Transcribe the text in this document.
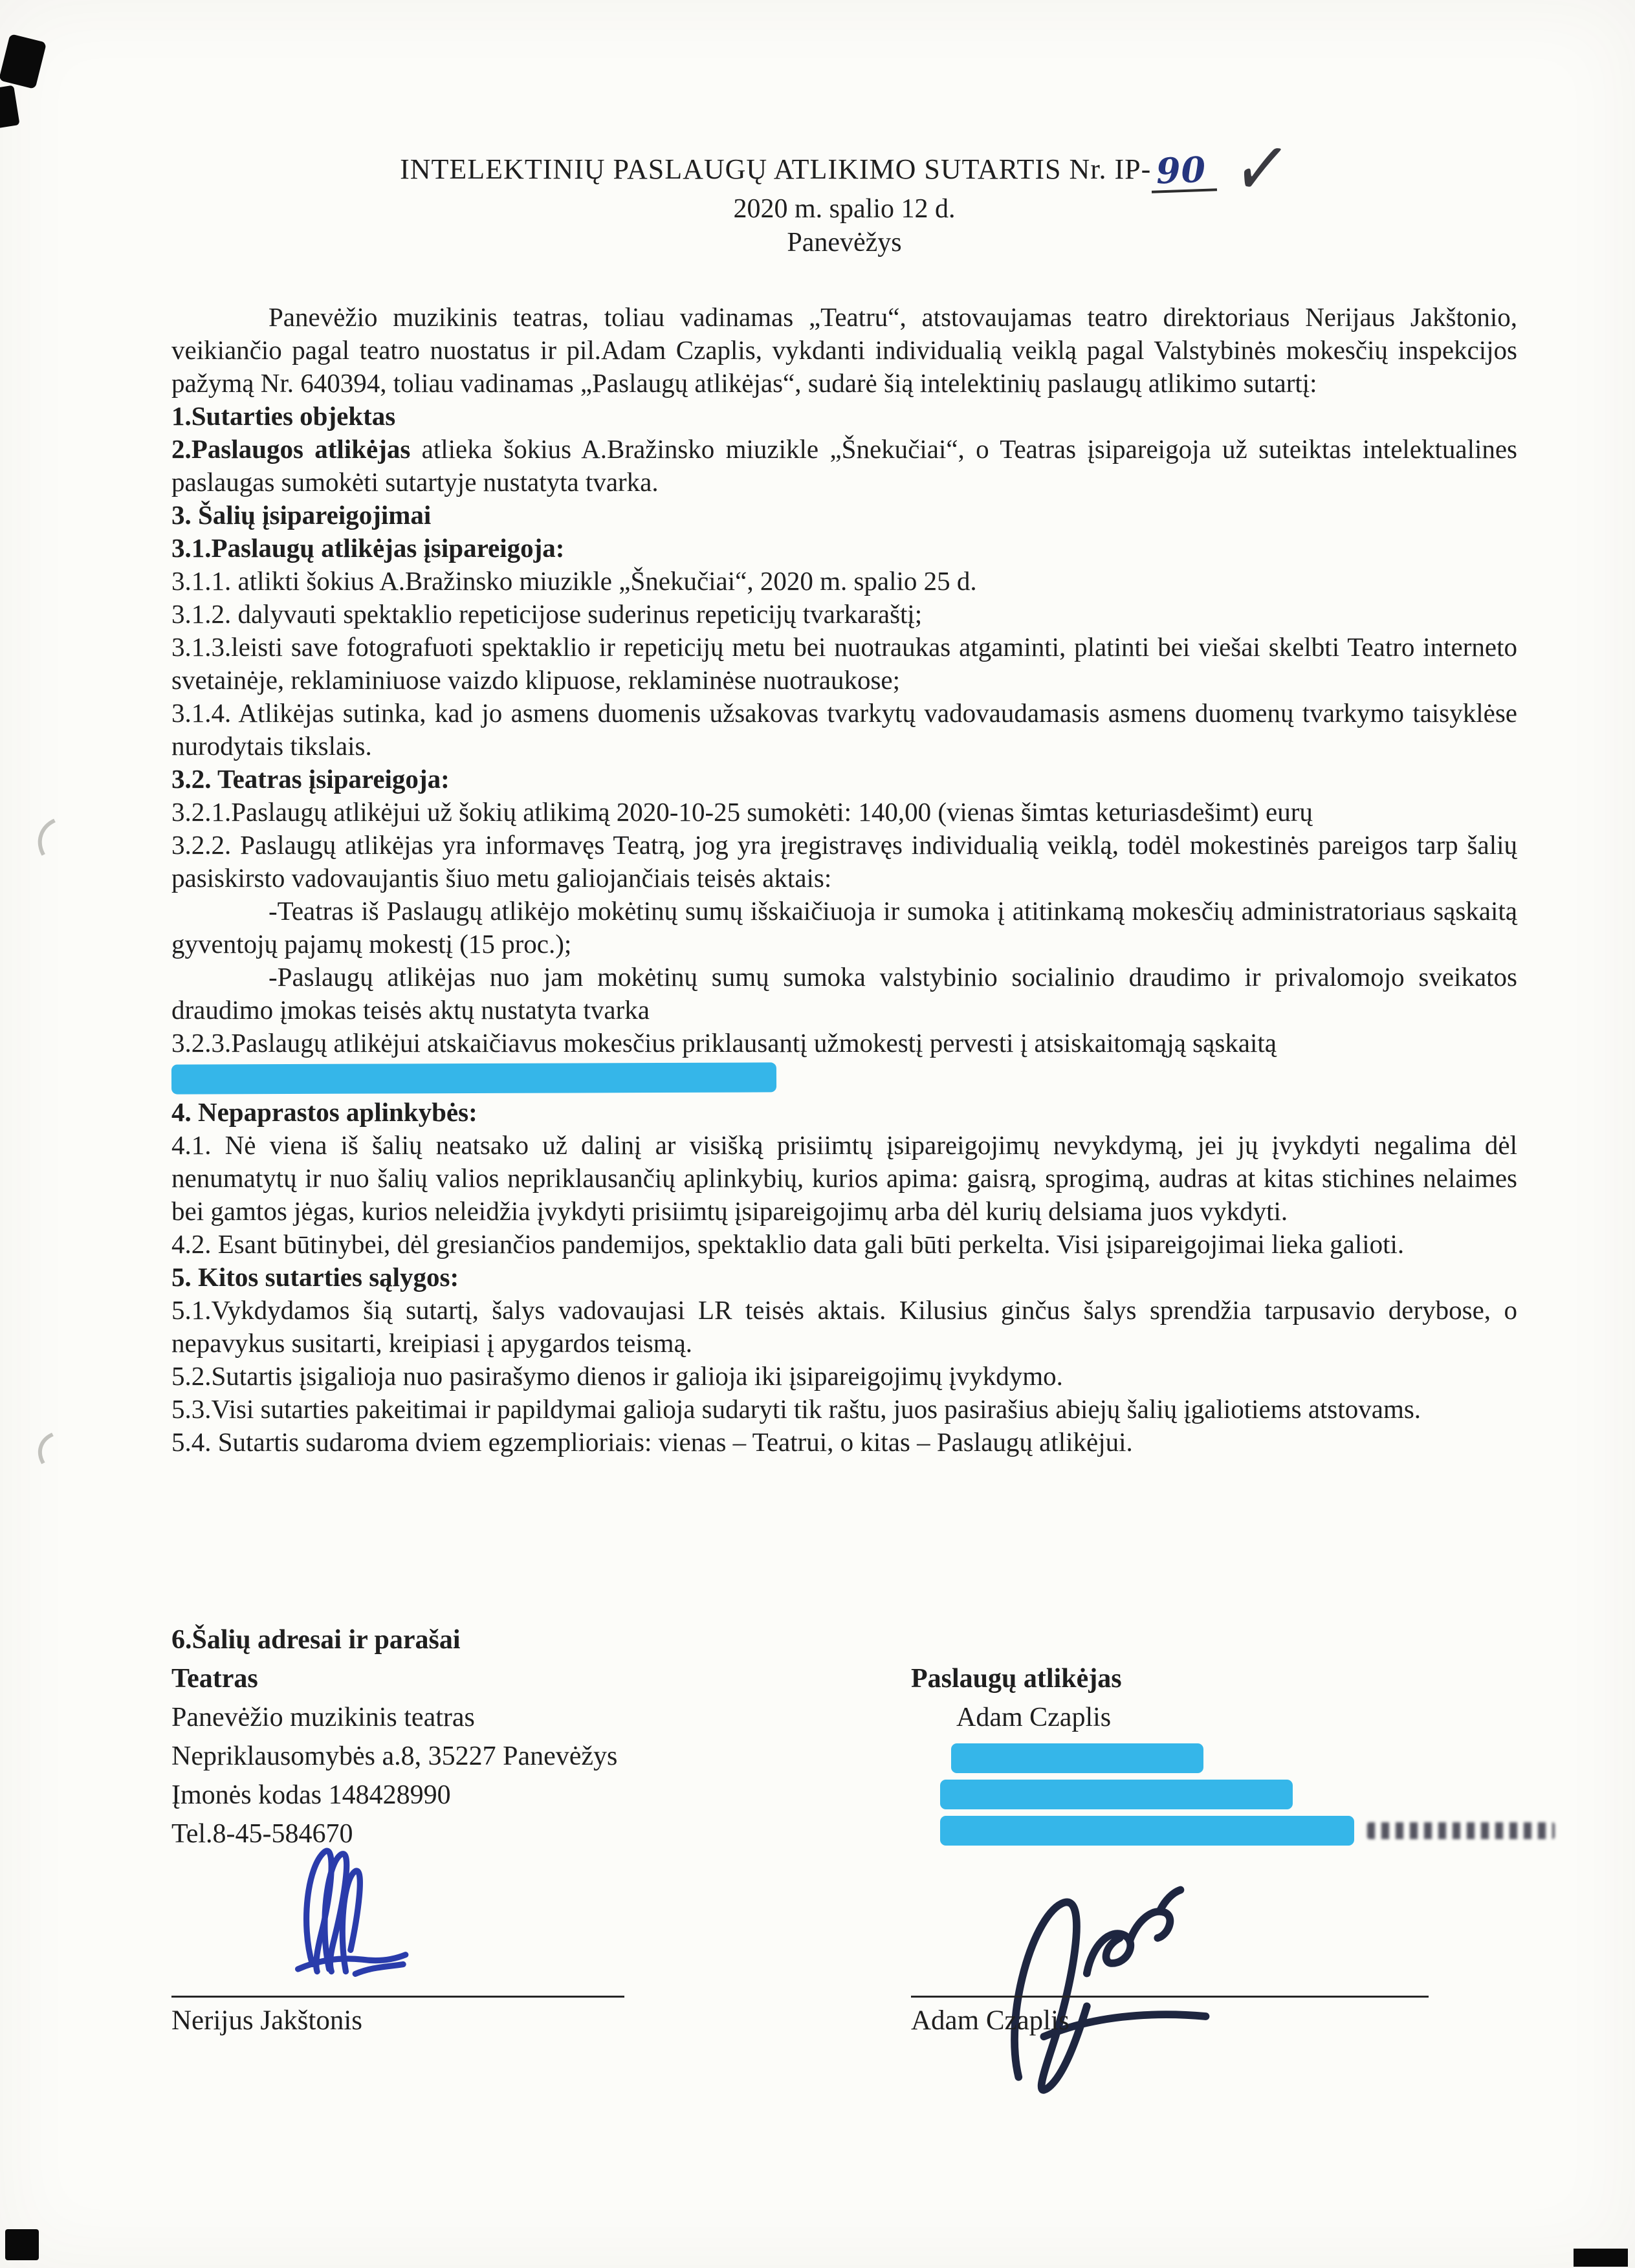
INTELEKTINIŲ PASLAUGŲ ATLIKIMO SUTARTIS Nr. IP- 90 ✓
2020 m. spalio 12 d.
Panevėžys

Panevėžio muzikinis teatras, toliau vadinamas „Teatru“, atstovaujamas teatro direktoriaus Nerijaus Jakštonio, veikiančio pagal teatro nuostatus ir pil.Adam Czaplis, vykdanti individualią veiklą pagal Valstybinės mokesčių inspekcijos pažymą Nr. 640394, toliau vadinamas „Paslaugų atlikėjas“, sudarė šią intelektinių paslaugų atlikimo sutartį:

1.Sutarties objektas

2.Paslaugos atlikėjas atlieka šokius A.Bražinsko miuzikle „Šnekučiai“, o Teatras įsipareigoja už suteiktas intelektualines paslaugas sumokėti sutartyje nustatyta tvarka.

3. Šalių įsipareigojimai

3.1.Paslaugų atlikėjas įsipareigoja:

3.1.1. atlikti šokius A.Bražinsko miuzikle „Šnekučiai“, 2020 m. spalio 25 d.

3.1.2. dalyvauti spektaklio repeticijose suderinus repeticijų tvarkaraštį;

3.1.3.leisti save fotografuoti spektaklio ir repeticijų metu bei nuotraukas atgaminti, platinti bei viešai skelbti Teatro interneto svetainėje, reklaminiuose vaizdo klipuose, reklaminėse nuotraukose;

3.1.4. Atlikėjas sutinka, kad jo asmens duomenis užsakovas tvarkytų vadovaudamasis asmens duomenų tvarkymo taisyklėse nurodytais tikslais.

3.2. Teatras įsipareigoja:

3.2.1.Paslaugų atlikėjui už šokių atlikimą 2020-10-25 sumokėti: 140,00 (vienas šimtas keturiasdešimt) eurų

3.2.2. Paslaugų atlikėjas yra informavęs Teatrą, jog yra įregistravęs individualią veiklą, todėl mokestinės pareigos tarp šalių pasiskirsto vadovaujantis šiuo metu galiojančiais teisės aktais:

-Teatras iš Paslaugų atlikėjo mokėtinų sumų išskaičiuoja ir sumoka į atitinkamą mokesčių administratoriaus sąskaitą gyventojų pajamų mokestį (15 proc.);

-Paslaugų atlikėjas nuo jam mokėtinų sumų sumoka valstybinio socialinio draudimo ir privalomojo sveikatos draudimo įmokas teisės aktų nustatyta tvarka

3.2.3.Paslaugų atlikėjui atskaičiavus mokesčius priklausantį užmokestį pervesti į atsiskaitomąją sąskaitą

4. Nepaprastos aplinkybės:

4.1. Nė viena iš šalių neatsako už dalinį ar visišką prisiimtų įsipareigojimų nevykdymą, jei jų įvykdyti negalima dėl nenumatytų ir nuo šalių valios nepriklausančių aplinkybių, kurios apima: gaisrą, sprogimą, audras at kitas stichines nelaimes bei gamtos jėgas, kurios neleidžia įvykdyti prisiimtų įsipareigojimų arba dėl kurių delsiama juos vykdyti.

4.2. Esant būtinybei, dėl gresiančios pandemijos, spektaklio data gali būti perkelta. Visi įsipareigojimai lieka galioti.

5. Kitos sutarties sąlygos:

5.1.Vykdydamos šią sutartį, šalys vadovaujasi LR teisės aktais. Kilusius ginčus šalys sprendžia tarpusavio derybose, o nepavykus susitarti, kreipiasi į apygardos teismą.

5.2.Sutartis įsigalioja nuo pasirašymo dienos ir galioja iki įsipareigojimų įvykdymo.

5.3.Visi sutarties pakeitimai ir papildymai galioja sudaryti tik raštu, juos pasirašius abiejų šalių įgaliotiems atstovams.

5.4. Sutartis sudaroma dviem egzemplioriais: vienas – Teatrui, o kitas – Paslaugų atlikėjui.

6.Šalių adresai ir parašai

Teatras

Panevėžio muzikinis teatras

Nepriklausomybės a.8, 35227 Panevėžys

Įmonės kodas 148428990

Tel.8-45-584670

Paslaugų atlikėjas

Adam Czaplis

Nerijus Jakštonis	Adam Czaplis
